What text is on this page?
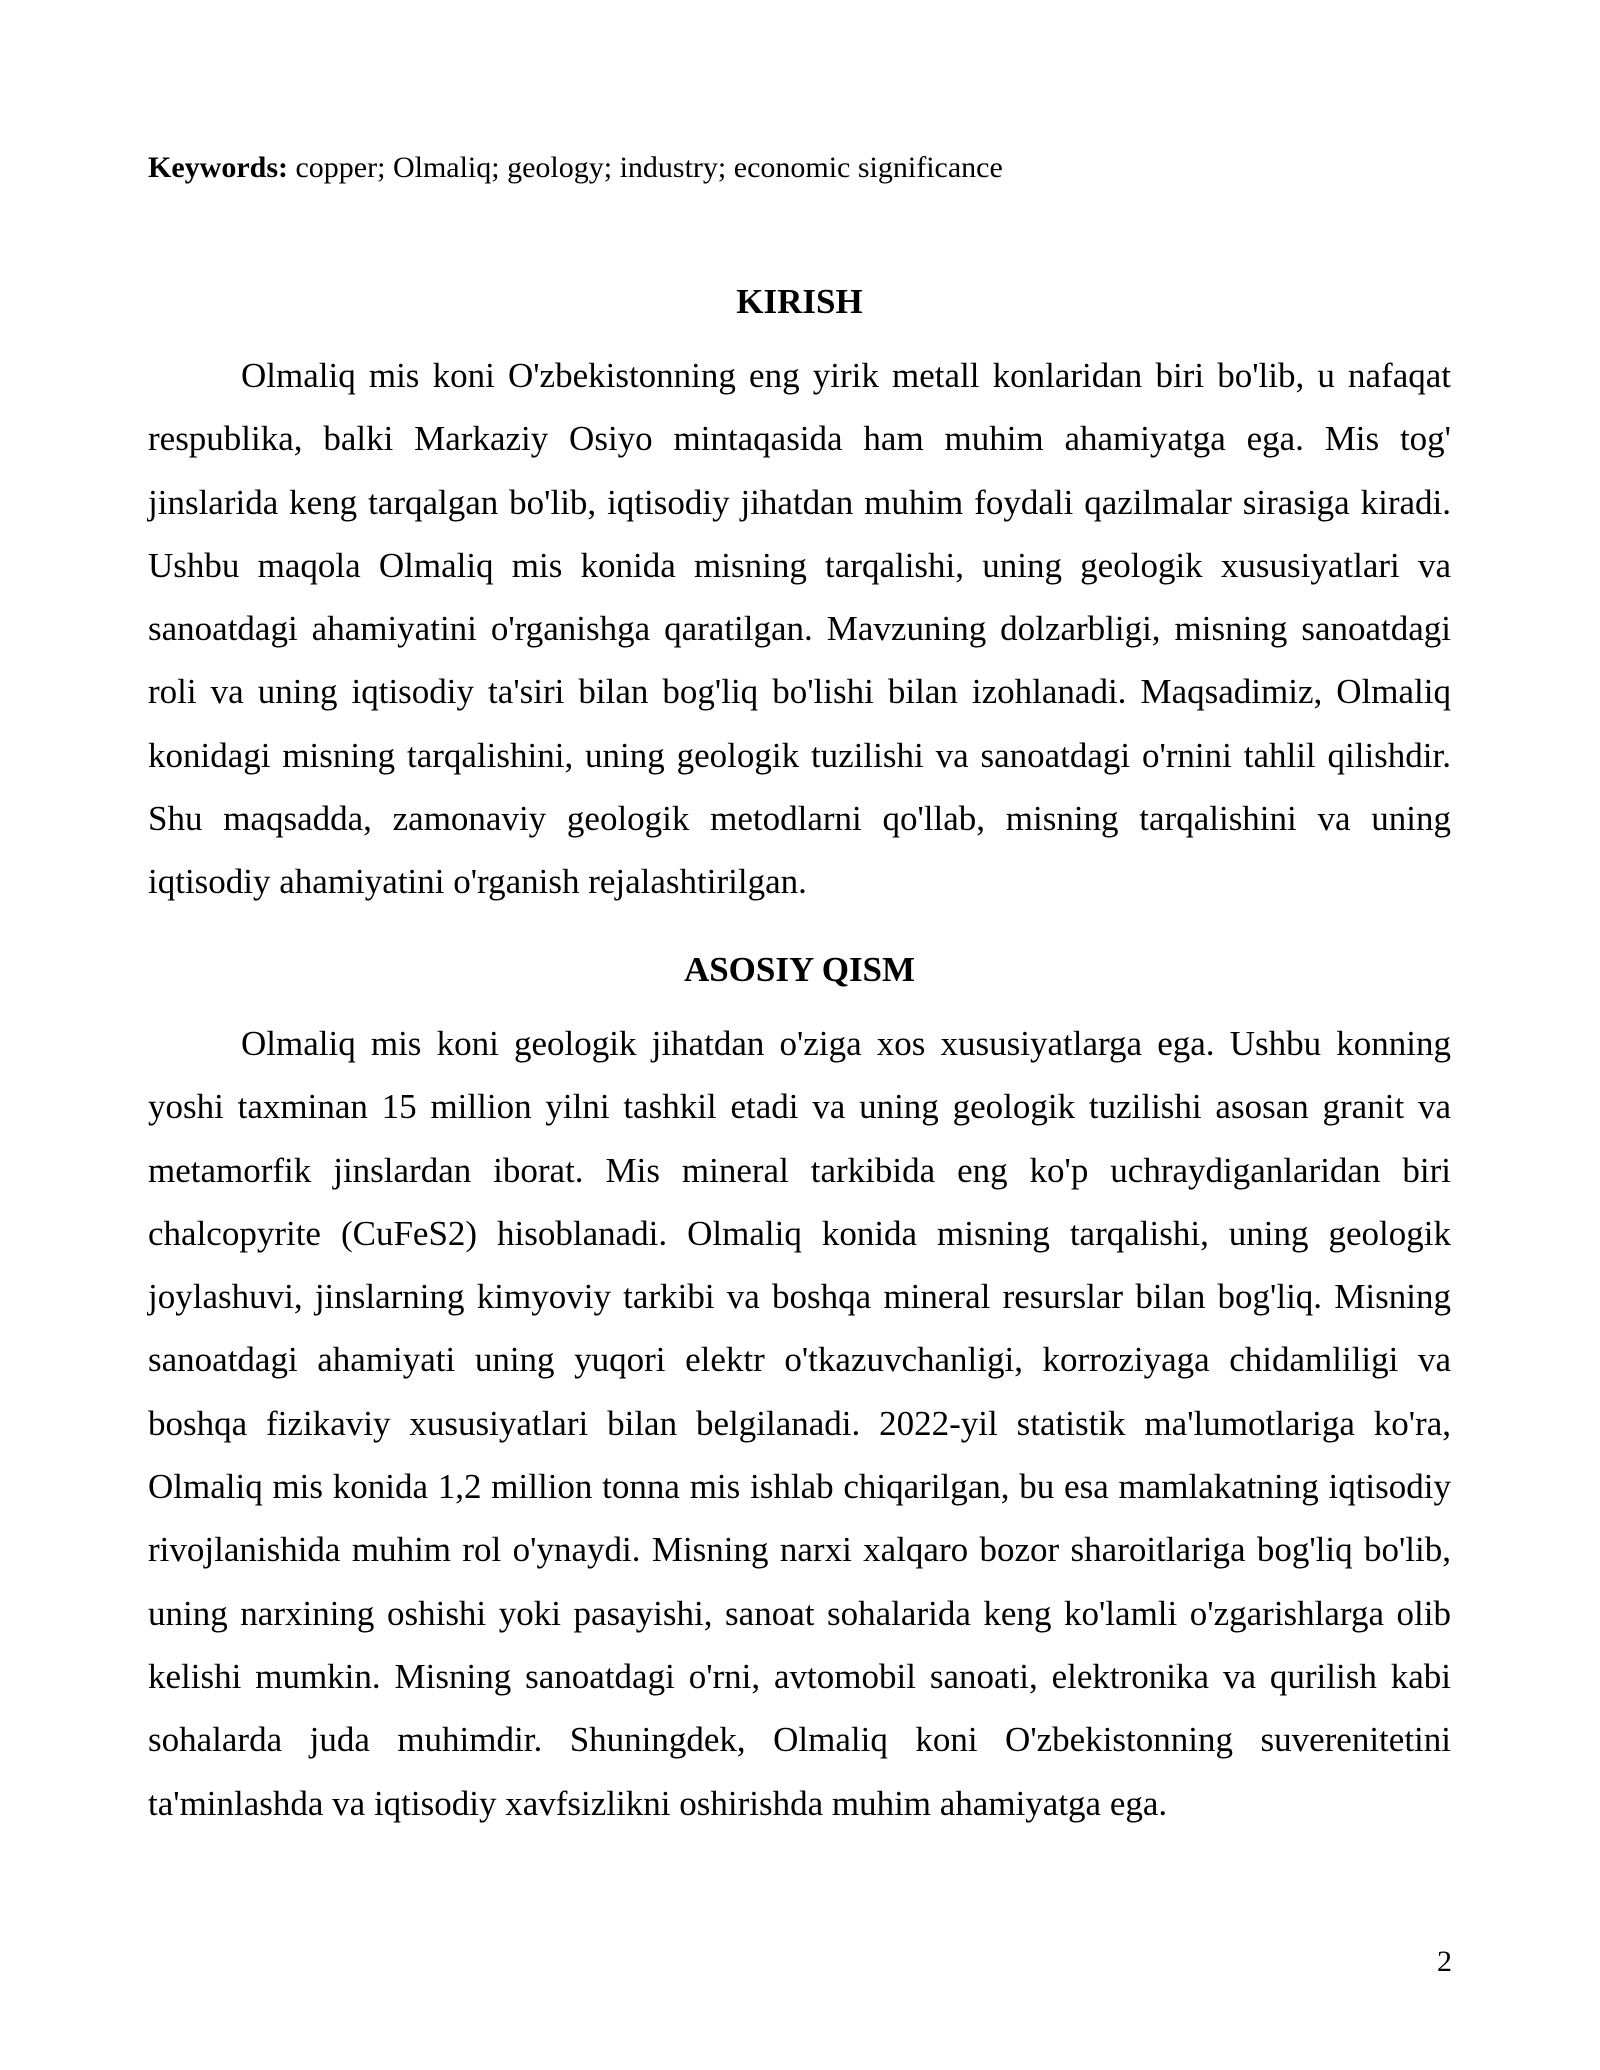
Keywords: copper; Olmaliq; geology; industry; economic significance
KIRISH

Olmaliq mis koni O'zbekistonning eng yirik metall konlaridan biri bo'lib, u nafaqat respublika, balki Markaziy Osiyo mintaqasida ham muhim ahamiyatga ega. Mis tog' jinslarida keng tarqalgan bo'lib, iqtisodiy jihatdan muhim foydali qazilmalar sirasiga kiradi. Ushbu maqola Olmaliq mis konida misning tarqalishi, uning geologik xususiyatlari va sanoatdagi ahamiyatini o'rganishga qaratilgan. Mavzuning dolzarbligi, misning sanoatdagi roli va uning iqtisodiy ta'siri bilan bog'liq bo'lishi bilan izohlanadi. Maqsadimiz, Olmaliq konidagi misning tarqalishini, uning geologik tuzilishi va sanoatdagi o'rnini tahlil qilishdir. Shu maqsadda, zamonaviy geologik metodlarni qo'llab, misning tarqalishini va uning iqtisodiy ahamiyatini o'rganish rejalashtirilgan.

ASOSIY QISM

Olmaliq mis koni geologik jihatdan o'ziga xos xususiyatlarga ega. Ushbu konning yoshi taxminan 15 million yilni tashkil etadi va uning geologik tuzilishi asosan granit va metamorfik jinslardan iborat. Mis mineral tarkibida eng ko'p uchraydiganlaridan biri chalcopyrite (CuFeS2) hisoblanadi. Olmaliq konida misning tarqalishi, uning geologik joylashuvi, jinslarning kimyoviy tarkibi va boshqa mineral resurslar bilan bog'liq. Misning sanoatdagi ahamiyati uning yuqori elektr o'tkazuvchanligi, korroziyaga chidamliligi va boshqa fizikaviy xususiyatlari bilan belgilanadi. 2022-yil statistik ma'lumotlariga ko'ra, Olmaliq mis konida 1,2 million tonna mis ishlab chiqarilgan, bu esa mamlakatning iqtisodiy rivojlanishida muhim rol o'ynaydi. Misning narxi xalqaro bozor sharoitlariga bog'liq bo'lib, uning narxining oshishi yoki pasayishi, sanoat sohalarida keng ko'lamli o'zgarishlarga olib kelishi mumkin. Misning sanoatdagi o'rni, avtomobil sanoati, elektronika va qurilish kabi sohalarda juda muhimdir. Shuningdek, Olmaliq koni O'zbekistonning suverenitetini ta'minlashda va iqtisodiy xavfsizlikni oshirishda muhim ahamiyatga ega.

2
